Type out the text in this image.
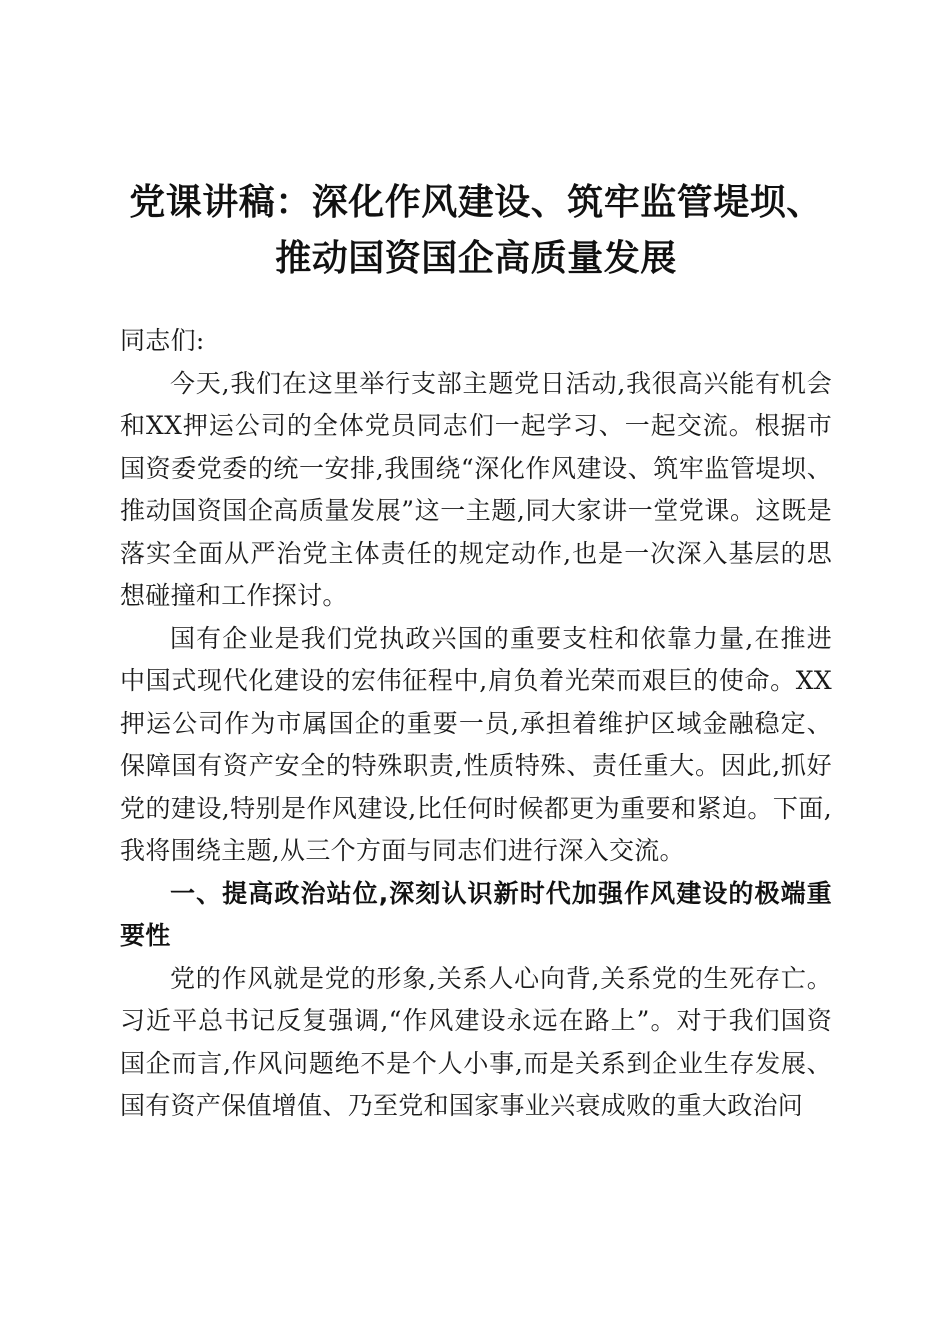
党课讲稿：深化作风建设、筑牢监管堤坝、推动国资国企高质量发展

同志们:

今天,我们在这里举行支部主题党日活动,我很高兴能有机会和XX押运公司的全体党员同志们一起学习、一起交流。根据市国资委党委的统一安排,我围绕“深化作风建设、筑牢监管堤坝、推动国资国企高质量发展”这一主题,同大家讲一堂党课。这既是落实全面从严治党主体责任的规定动作,也是一次深入基层的思想碰撞和工作探讨。

国有企业是我们党执政兴国的重要支柱和依靠力量,在推进中国式现代化建设的宏伟征程中,肩负着光荣而艰巨的使命。XX押运公司作为市属国企的重要一员,承担着维护区域金融稳定、保障国有资产安全的特殊职责,性质特殊、责任重大。因此,抓好党的建设,特别是作风建设,比任何时候都更为重要和紧迫。下面,我将围绕主题,从三个方面与同志们进行深入交流。

一、提高政治站位,深刻认识新时代加强作风建设的极端重要性

党的作风就是党的形象,关系人心向背,关系党的生死存亡。习近平总书记反复强调,“作风建设永远在路上”。对于我们国资国企而言,作风问题绝不是个人小事,而是关系到企业生存发展、国有资产保值增值、乃至党和国家事业兴衰成败的重大政治问
